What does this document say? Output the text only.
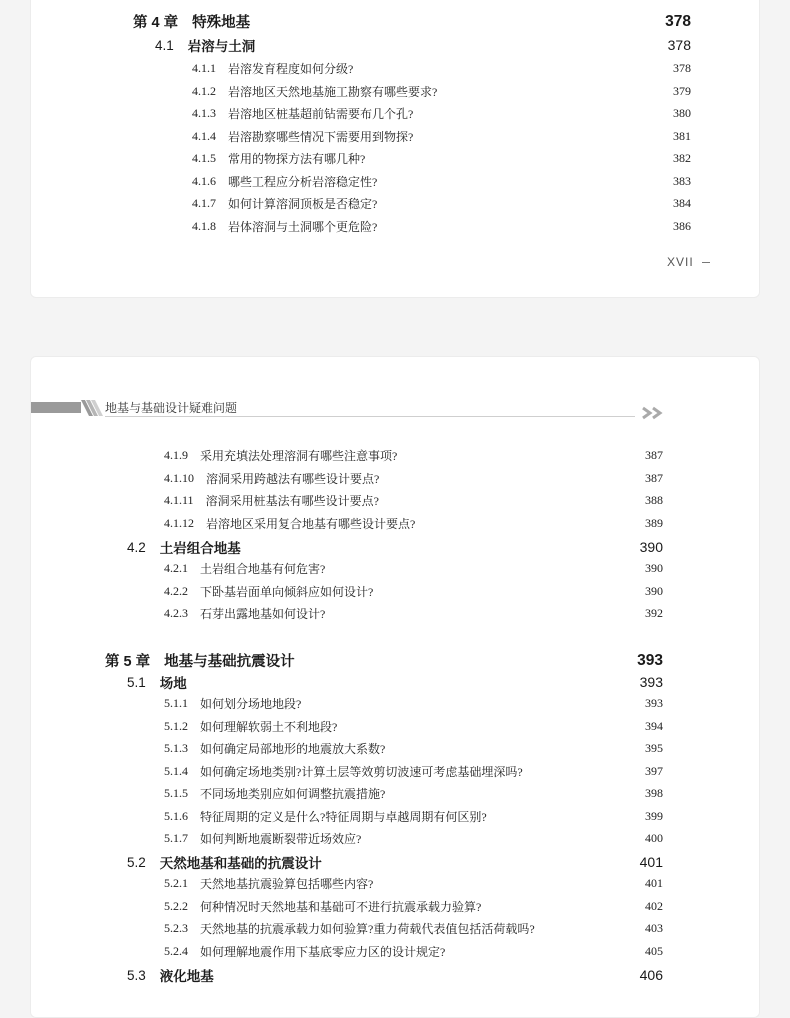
第 4 章 特殊地基	378
4.1 岩溶与土洞	378
4.1.1 岩溶发育程度如何分级?	378
4.1.2 岩溶地区天然地基施工勘察有哪些要求?	379
4.1.3 岩溶地区桩基超前钻需要布几个孔?	380
4.1.4 岩溶勘察哪些情况下需要用到物探?	381
4.1.5 常用的物探方法有哪几种?	382
4.1.6 哪些工程应分析岩溶稳定性?	383
4.1.7 如何计算溶洞顶板是否稳定?	384
4.1.8 岩体溶洞与土洞哪个更危险?	386
XVII
地基与基础设计疑难问题
4.1.9 采用充填法处理溶洞有哪些注意事项?	387
4.1.10 溶洞采用跨越法有哪些设计要点?	387
4.1.11 溶洞采用桩基法有哪些设计要点?	388
4.1.12 岩溶地区采用复合地基有哪些设计要点?	389
4.2 土岩组合地基	390
4.2.1 土岩组合地基有何危害?	390
4.2.2 下卧基岩面单向倾斜应如何设计?	390
4.2.3 石芽出露地基如何设计?	392
第 5 章 地基与基础抗震设计	393
5.1 场地	393
5.1.1 如何划分场地地段?	393
5.1.2 如何理解软弱土不利地段?	394
5.1.3 如何确定局部地形的地震放大系数?	395
5.1.4 如何确定场地类别?计算土层等效剪切波速可考虑基础埋深吗?	397
5.1.5 不同场地类别应如何调整抗震措施?	398
5.1.6 特征周期的定义是什么?特征周期与卓越周期有何区别?	399
5.1.7 如何判断地震断裂带近场效应?	400
5.2 天然地基和基础的抗震设计	401
5.2.1 天然地基抗震验算包括哪些内容?	401
5.2.2 何种情况时天然地基和基础可不进行抗震承载力验算?	402
5.2.3 天然地基的抗震承载力如何验算?重力荷载代表值包括活荷载吗?	403
5.2.4 如何理解地震作用下基底零应力区的设计规定?	405
5.3 液化地基	406
